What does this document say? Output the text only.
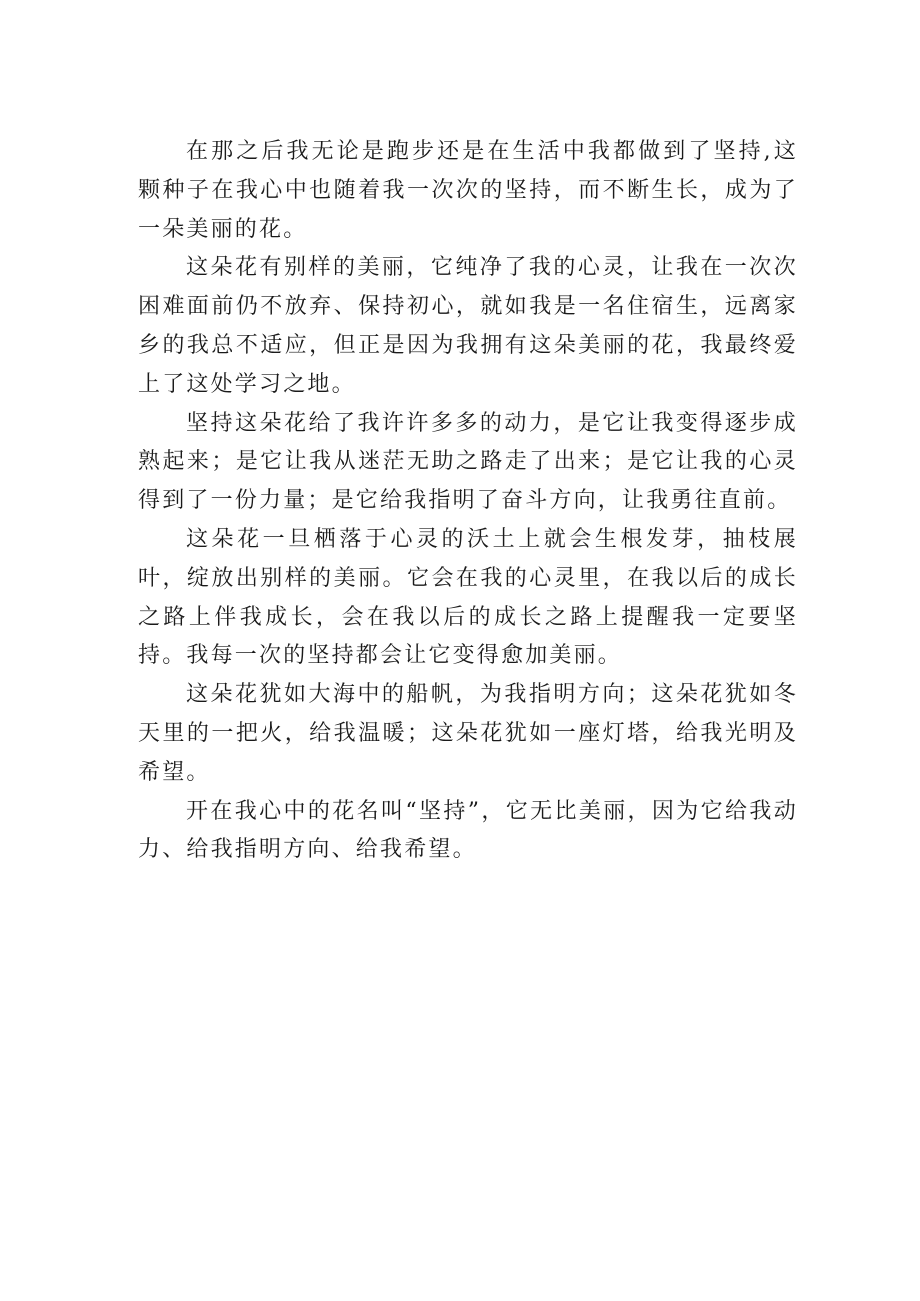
在那之后我无论是跑步还是在生活中我都做到了坚持,这颗种子在我心中也随着我一次次的坚持，而不断生长，成为了一朵美丽的花。

这朵花有别样的美丽，它纯净了我的心灵，让我在一次次困难面前仍不放弃、保持初心，就如我是一名住宿生，远离家乡的我总不适应，但正是因为我拥有这朵美丽的花，我最终爱上了这处学习之地。

坚持这朵花给了我许许多多的动力，是它让我变得逐步成熟起来；是它让我从迷茫无助之路走了出来；是它让我的心灵得到了一份力量；是它给我指明了奋斗方向，让我勇往直前。

这朵花一旦栖落于心灵的沃土上就会生根发芽，抽枝展叶，绽放出别样的美丽。它会在我的心灵里，在我以后的成长之路上伴我成长，会在我以后的成长之路上提醒我一定要坚持。我每一次的坚持都会让它变得愈加美丽。

这朵花犹如大海中的船帆，为我指明方向；这朵花犹如冬天里的一把火，给我温暖；这朵花犹如一座灯塔，给我光明及希望。

开在我心中的花名叫“坚持”，它无比美丽，因为它给我动力、给我指明方向、给我希望。
